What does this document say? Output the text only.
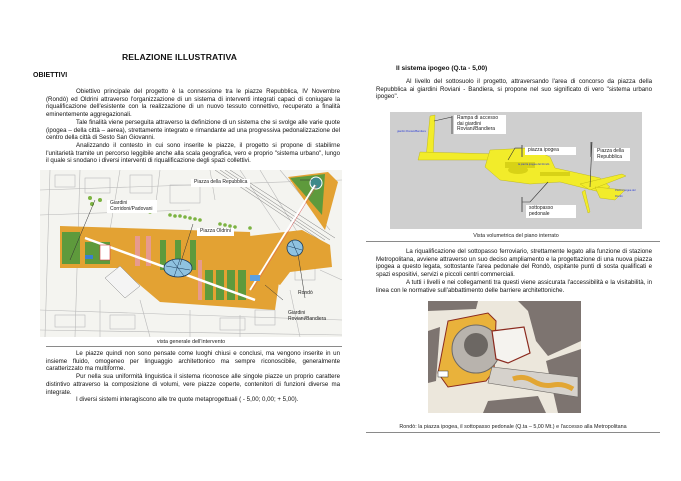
RELAZIONE ILLUSTRATIVA
OBIETTIVI

Obiettivo principale del progetto è la connessione tra le piazze Repubblica, IV Novembre (Rondò) ed Oldrini attraverso l'organizzazione di un sistema di interventi integrati capaci di coniugare la riqualificazione dell'esistente con la realizzazione di un nuovo tessuto connettivo, recuperato a finalità eminentemente aggregazionali.

Tale finalità viene perseguita attraverso la definizione di un sistema che si svolge alle varie quote (ipogea – della città – aerea), strettamente integrato e rimandante ad una progressiva pedonalizzazione del centro della città di Sesto San Giovanni.

Analizzando il contesto in cui sono inserite le piazze, il progetto si propone di stabilirne l'unitarietà tramite un percorso leggibile anche alla scala geografica, vero e proprio "sistema urbano", lungo il quale si snodano i diversi interventi di riqualificazione degli spazi collettivi.

Piazza della Repubblica
Giardini Corridoni/Padovani
Piazza Oldrini
Rondò
Giardini Roviani/Bandiera
vista generale dell'intervento

Le piazze quindi non sono pensate come luoghi chiusi e conclusi, ma vengono inserite in un insieme fluido, omogeneo per linguaggio architettonico ma sempre riconoscibile, generalmente caratterizzato ma multiforme.

Pur nella sua uniformità linguistica il sistema riconosce alle singole piazze un proprio carattere distintivo attraverso la composizione di volumi, vere piazze coperte, contenitori di funzioni diverse ma integrate.

I diversi sistemi interagiscono alle tre quote metaprogettuali ( - 5,00; 0,00; + 5,00).

Il sistema ipogeo (Q.ta - 5,00)

Al livello del sottosuolo il progetto, attraversando l'area di concorso da piazza della Repubblica ai giardini Roviani - Bandiera, si propone nel suo significato di vero "sistema urbano ipogeo".

Rampa di accesso dai giardini Roviani/Bandiera
piazza ipogea	Piazza della Repubblica
sottopasso pedonale
giardini Roviani/Bandiera
la piazza ipogea del Rondò
Piazza ipogea del Rondò
Vista volumetrica del piano interrato

La riqualificazione del sottopasso ferroviario, strettamente legato alla funzione di stazione Metropolitana, avviene attraverso un suo deciso ampliamento e la progettazione di una nuova piazza ipogea a questo legata, sottostante l'area pedonale del Rondò, ospitante punti di sosta qualificati e spazi espositivi, servizi e piccoli centri commerciali.

A tutti i livelli e nei collegamenti tra questi viene assicurata l'accessibilità e la visitabilità, in linea con le normative sull'abbattimento delle barriere architettoniche.

Rondò: la piazza ipogea, il sottopasso pedonale (Q.ta – 5,00 Mt.) e l'accesso alla Metropolitana
